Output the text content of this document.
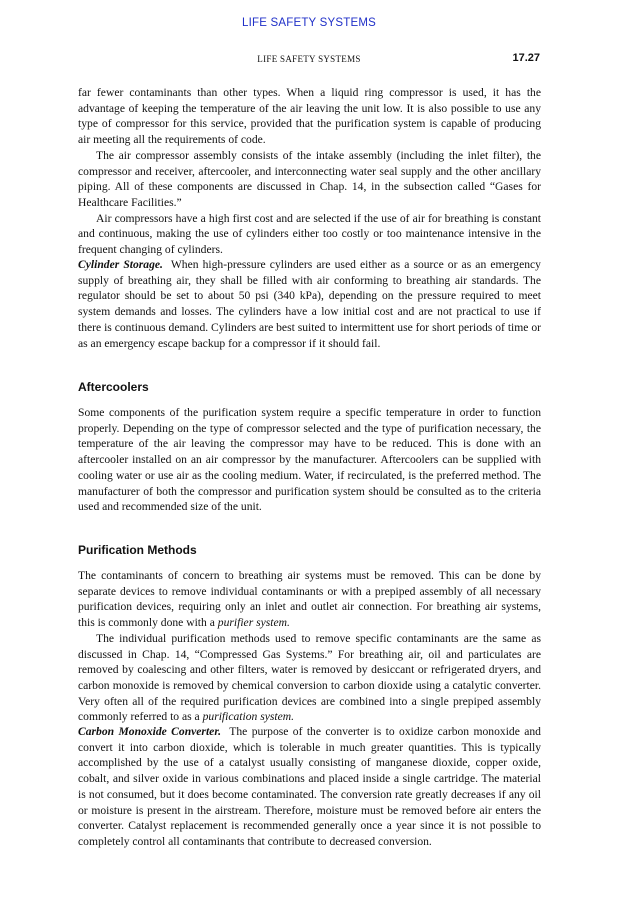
LIFE SAFETY SYSTEMS
LIFE SAFETY SYSTEMS	17.27

far fewer contaminants than other types. When a liquid ring compressor is used, it has the advantage of keeping the temperature of the air leaving the unit low. It is also possible to use any type of compressor for this service, provided that the purification system is capable of producing air meeting all the requirements of code.

The air compressor assembly consists of the intake assembly (including the inlet filter), the compressor and receiver, aftercooler, and interconnecting water seal supply and the other ancillary piping. All of these components are discussed in Chap. 14, in the subsection called “Gases for Healthcare Facilities.”

Air compressors have a high first cost and are selected if the use of air for breathing is constant and continuous, making the use of cylinders either too costly or too maintenance intensive in the frequent changing of cylinders.

Cylinder Storage. When high-pressure cylinders are used either as a source or as an emergency supply of breathing air, they shall be filled with air conforming to breathing air standards. The regulator should be set to about 50 psi (340 kPa), depending on the pressure required to meet system demands and losses. The cylinders have a low initial cost and are not practical to use if there is continuous demand. Cylinders are best suited to intermittent use for short periods of time or as an emergency escape backup for a compressor if it should fail.

Aftercoolers

Some components of the purification system require a specific temperature in order to function properly. Depending on the type of compressor selected and the type of purification necessary, the temperature of the air leaving the compressor may have to be reduced. This is done with an aftercooler installed on an air compressor by the manufacturer. Aftercoolers can be supplied with cooling water or use air as the cooling medium. Water, if recirculated, is the preferred method. The manufacturer of both the compressor and purification system should be consulted as to the criteria used and recommended size of the unit.

Purification Methods

The contaminants of concern to breathing air systems must be removed. This can be done by separate devices to remove individual contaminants or with a prepiped assembly of all necessary purification devices, requiring only an inlet and outlet air connection. For breathing air systems, this is commonly done with a purifier system.

The individual purification methods used to remove specific contaminants are the same as discussed in Chap. 14, “Compressed Gas Systems.” For breathing air, oil and particulates are removed by coalescing and other filters, water is removed by desiccant or refrigerated dryers, and carbon monoxide is removed by chemical conversion to carbon dioxide using a catalytic converter. Very often all of the required purification devices are combined into a single prepiped assembly commonly referred to as a purification system.

Carbon Monoxide Converter. The purpose of the converter is to oxidize carbon monoxide and convert it into carbon dioxide, which is tolerable in much greater quantities. This is typically accomplished by the use of a catalyst usually consisting of manganese dioxide, copper oxide, cobalt, and silver oxide in various combinations and placed inside a single cartridge. The material is not consumed, but it does become contaminated. The conversion rate greatly decreases if any oil or moisture is present in the airstream. Therefore, moisture must be removed before air enters the converter. Catalyst replacement is recommended generally once a year since it is not possible to completely control all contaminants that contribute to decreased conversion.
